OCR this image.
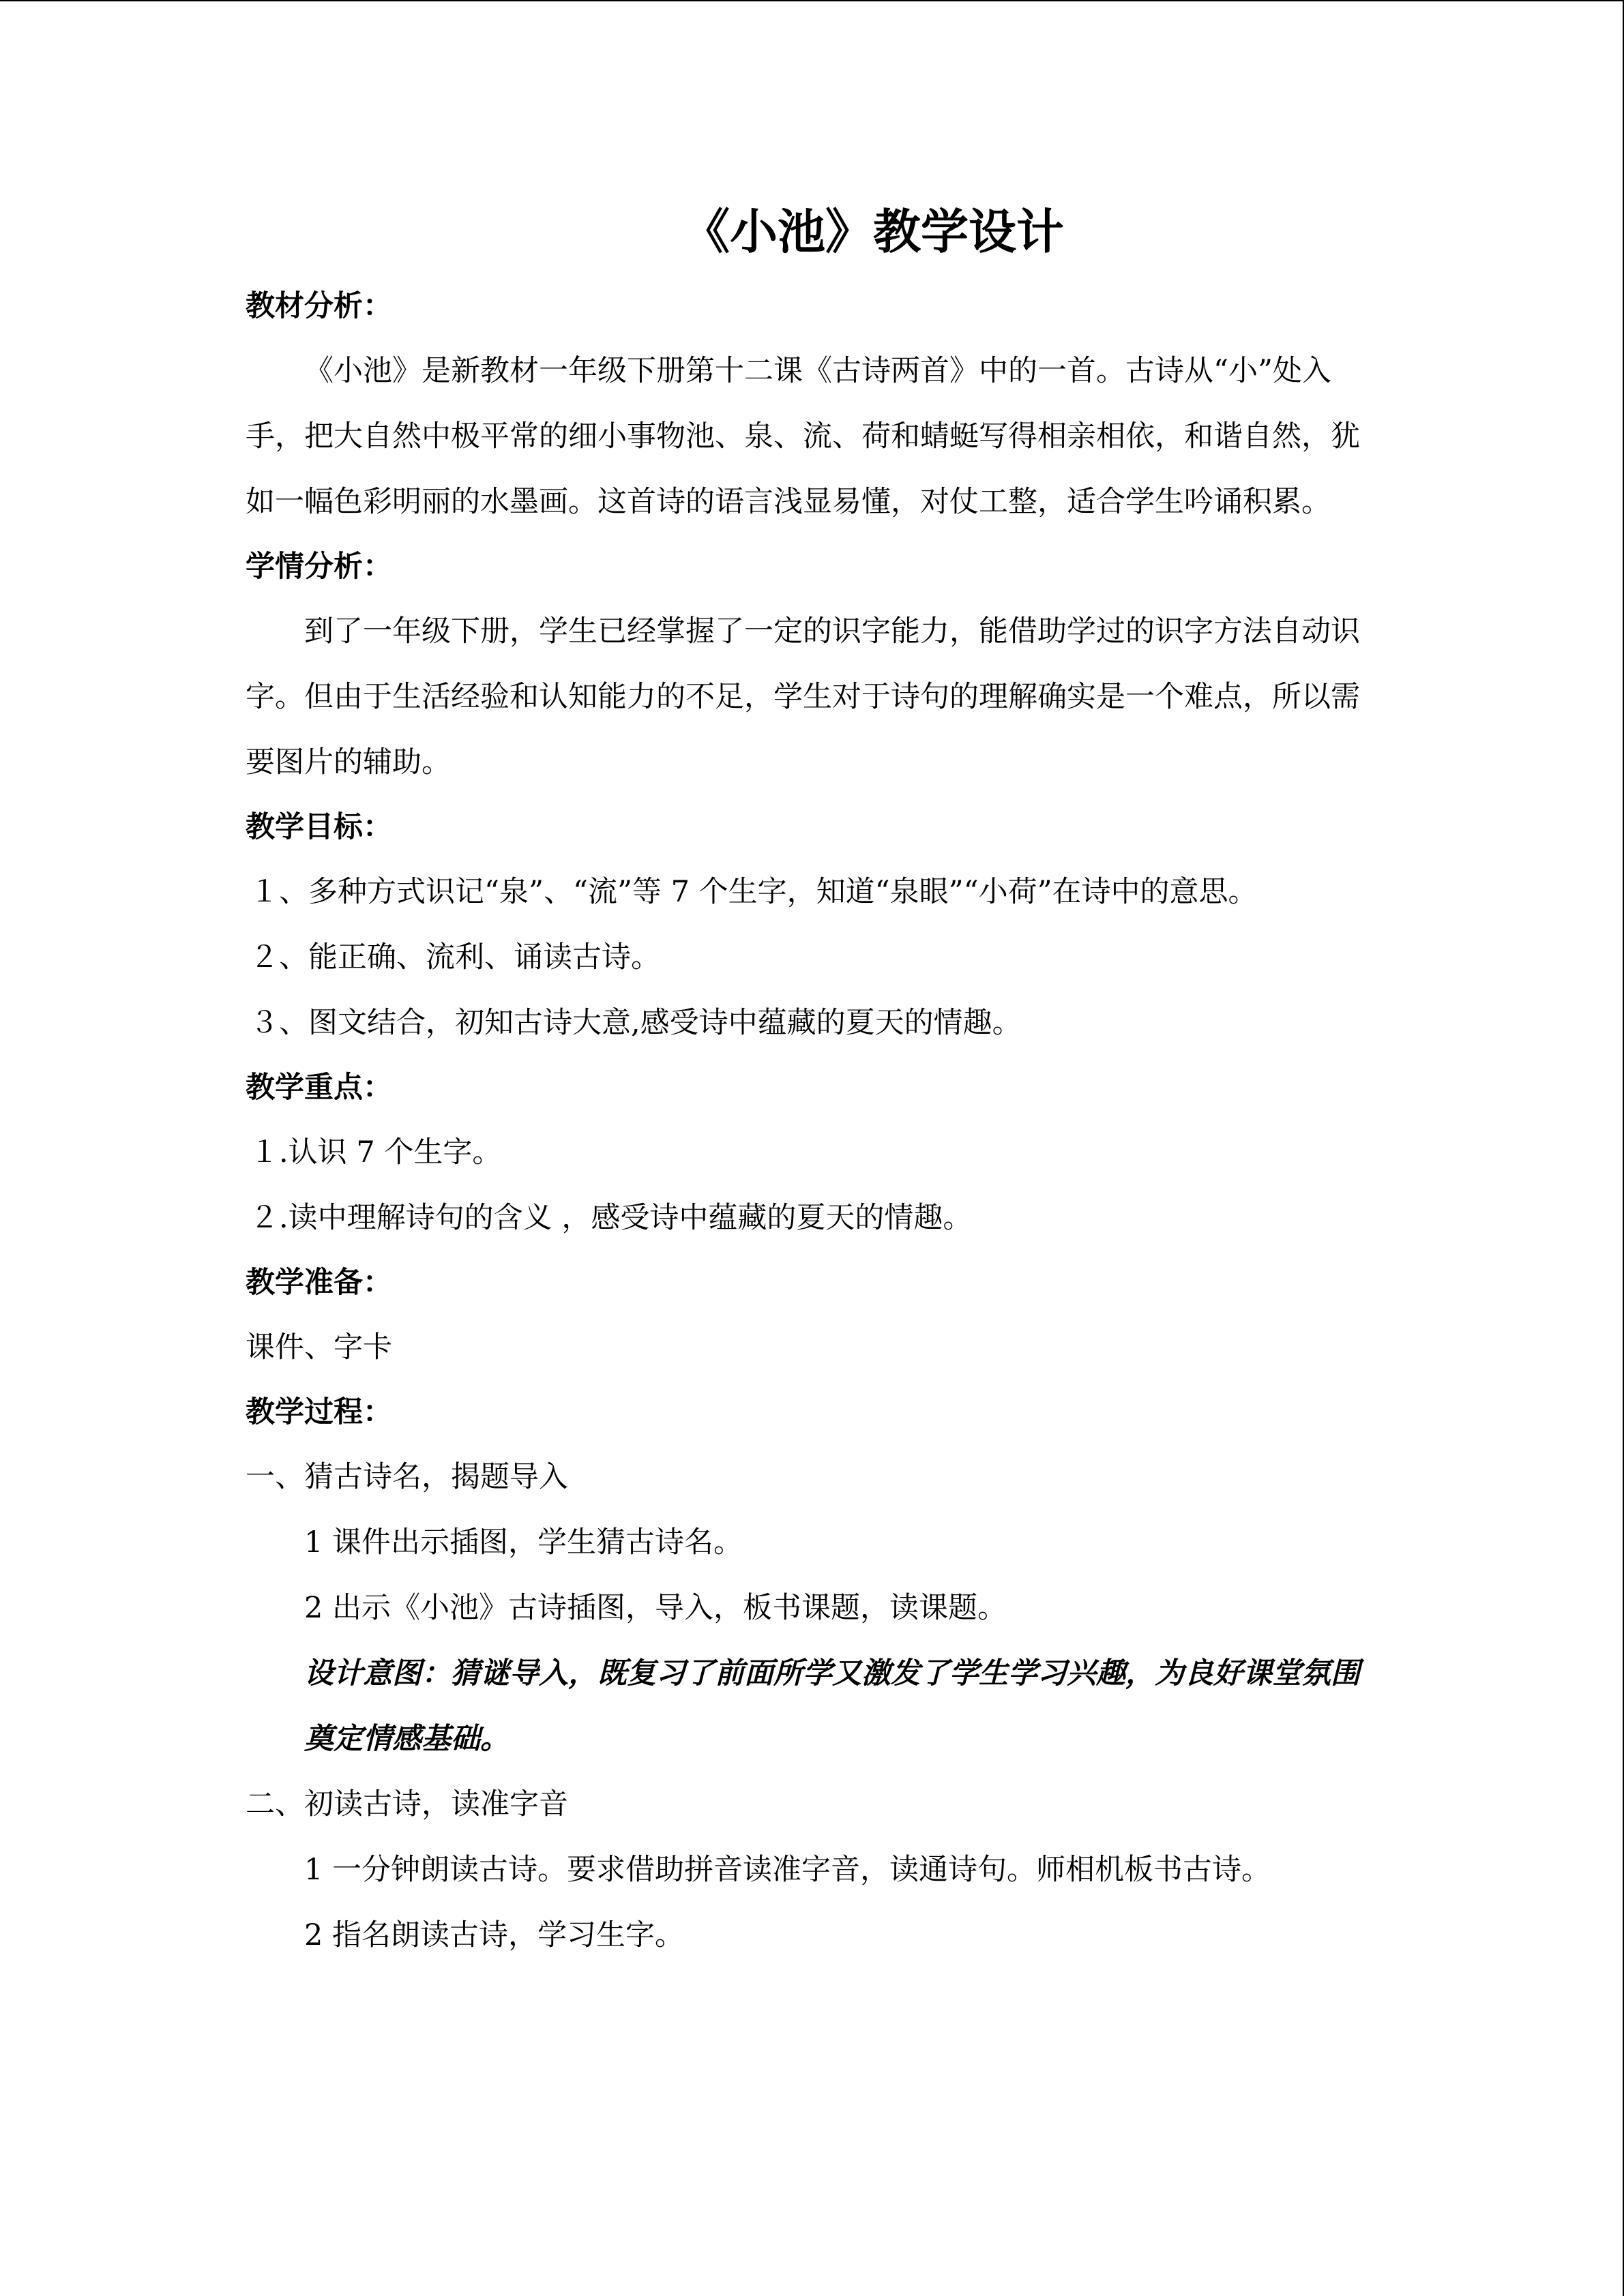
《小池》教学设计

教材分析：

《小池》是新教材一年级下册第十二课《古诗两首》中的一首。古诗从“小”处入手，把大自然中极平常的细小事物池、泉、流、荷和蜻蜓写得相亲相依，和谐自然，犹如一幅色彩明丽的水墨画。这首诗的语言浅显易懂，对仗工整，适合学生吟诵积累。

学情分析：

到了一年级下册，学生已经掌握了一定的识字能力，能借助学过的识字方法自动识字。但由于生活经验和认知能力的不足，学生对于诗句的理解确实是一个难点，所以需要图片的辅助。

教学目标：

１、多种方式识记“泉”、“流”等 7 个生字，知道“泉眼”“小荷”在诗中的意思。

２、能正确、流利、诵读古诗。

３、图文结合，初知古诗大意,感受诗中蕴藏的夏天的情趣。

教学重点：

１.认识 7 个生字。

２.读中理解诗句的含义 ，感受诗中蕴藏的夏天的情趣。

教学准备：

课件、字卡

教学过程：

一、猜古诗名，揭题导入

1 课件出示插图，学生猜古诗名。

2 出示《小池》古诗插图，导入，板书课题，读课题。

设计意图：猜谜导入，既复习了前面所学又激发了学生学习兴趣，为良好课堂氛围奠定情感基础。

二、初读古诗，读准字音

1 一分钟朗读古诗。要求借助拼音读准字音，读通诗句。师相机板书古诗。

2 指名朗读古诗，学习生字。
